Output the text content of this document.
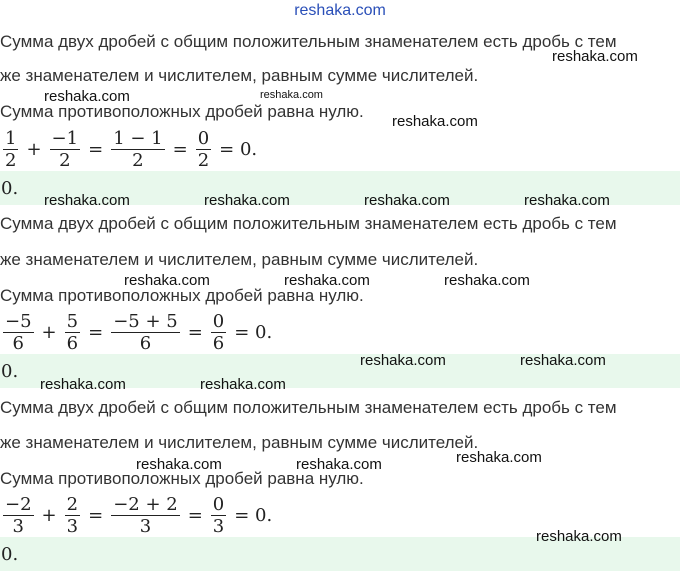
reshaka.com
Сумма двух дробей с общим положительным знаменателем есть дробь с тем
же знаменателем и числителем, равным сумме числителей.
Сумма противоположных дробей равна нулю.
$\frac{1}{2} + \frac{-1}{2} = \frac{1 - 1}{2} = \frac{0}{2} = 0$.
0.
Сумма двух дробей с общим положительным знаменателем есть дробь с тем
же знаменателем и числителем, равным сумме числителей.
Сумма противоположных дробей равна нулю.
$\frac{-5}{6} + \frac{5}{6} = \frac{-5 + 5}{6} = \frac{0}{6} = 0$.
0.
Сумма двух дробей с общим положительным знаменателем есть дробь с тем
же знаменателем и числителем, равным сумме числителей.
Сумма противоположных дробей равна нулю.
$\frac{-2}{3} + \frac{2}{3} = \frac{-2 + 2}{3} = \frac{0}{3} = 0$.
0.
reshaka.com
reshaka.com	reshaka.com
reshaka.com
reshaka.com	reshaka.com	reshaka.com	reshaka.com
reshaka.com	reshaka.com	reshaka.com
reshaka.com	reshaka.com
reshaka.com	reshaka.com
reshaka.com	reshaka.com	reshaka.com
reshaka.com
